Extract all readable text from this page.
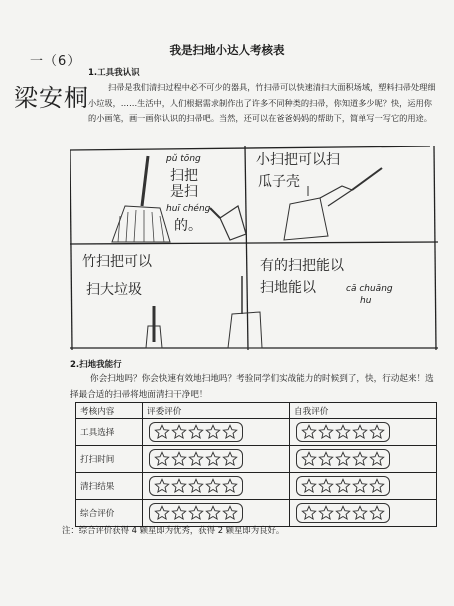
一（6）
我是扫地小达人考核表
梁安桐
1.工具我认识
扫帚是我们清扫过程中必不可少的器具，竹扫帚可以快速清扫大面积场域，塑料扫帚处理细小垃圾，……生活中，人们根据需求制作出了许多不同种类的扫帚，你知道多少呢？快，运用你的小画笔，画一画你认识的扫帚吧。当然，还可以在爸爸妈妈的帮助下，简单写一写它的用途。
pǔ tōng
扫把是扫
huī chéng
的。
小扫把可以扫
瓜子壳
竹扫把可以
扫大垃圾
有的扫把能以
扫地能以	cā chuāng
hu
2.扫地我能行
你会扫地吗？你会快速有效地扫地吗？考验同学们实战能力的时候到了，快，行动起来！选择最合适的扫帚将地面清扫干净吧！
考核内容	评委评价	自我评价
工具选择	

打扫时间	

清扫结果	

综合评价	

注：综合评价获得 4 颗星即为优秀，获得 2 颗星即为良好。
